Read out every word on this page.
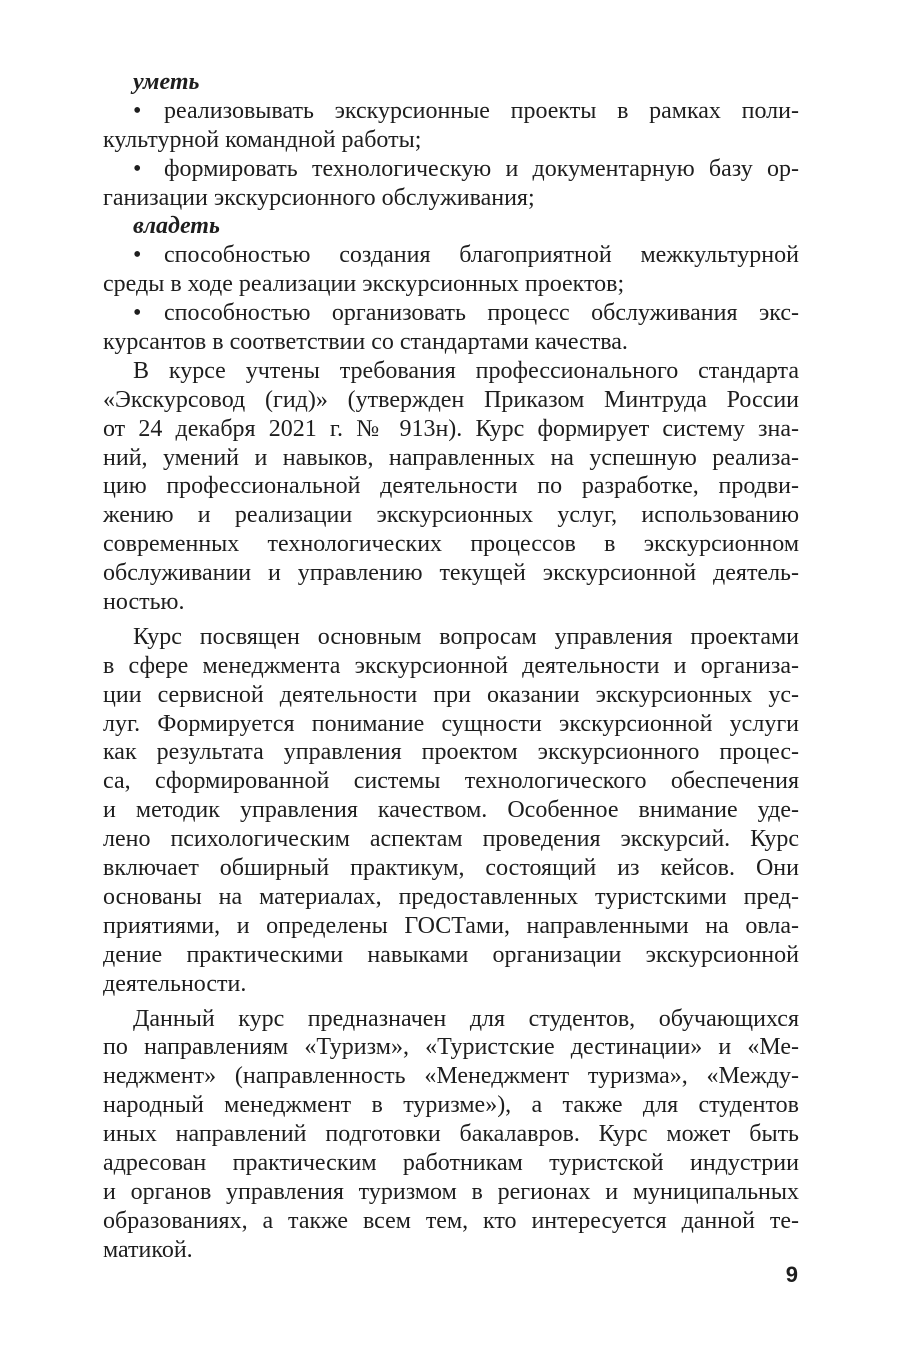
уметь
• реализовывать экскурсионные проекты в рамках поли-
культурной командной работы;
• формировать технологическую и документарную базу ор-
ганизации экскурсионного обслуживания;
владеть
• способностью создания благоприятной межкультурной
среды в ходе реализации экскурсионных проектов;
• способностью организовать процесс обслуживания экс-
курсантов в соответствии со стандартами качества.
В курсе учтены требования профессионального стандарта
«Экскурсовод (гид)» (утвержден Приказом Минтруда России
от 24 декабря 2021 г. № 913н). Курс формирует систему зна-
ний, умений и навыков, направленных на успешную реализа-
цию профессиональной деятельности по разработке, продви-
жению и реализации экскурсионных услуг, использованию
современных технологических процессов в экскурсионном
обслуживании и управлению текущей экскурсионной деятель-
ностью.
Курс посвящен основным вопросам управления проектами
в сфере менеджмента экскурсионной деятельности и организа-
ции сервисной деятельности при оказании экскурсионных ус-
луг. Формируется понимание сущности экскурсионной услуги
как результата управления проектом экскурсионного процес-
са, сформированной системы технологического обеспечения
и методик управления качеством. Особенное внимание уде-
лено психологическим аспектам проведения экскурсий. Курс
включает обширный практикум, состоящий из кейсов. Они
основаны на материалах, предоставленных туристскими пред-
приятиями, и определены ГОСТами, направленными на овла-
дение практическими навыками организации экскурсионной
деятельности.
Данный курс предназначен для студентов, обучающихся
по направлениям «Туризм», «Туристские дестинации» и «Ме-
неджмент» (направленность «Менеджмент туризма», «Между-
народный менеджмент в туризме»), а также для студентов
иных направлений подготовки бакалавров. Курс может быть
адресован практическим работникам туристской индустрии
и органов управления туризмом в регионах и муниципальных
образованиях, а также всем тем, кто интересуется данной те-
матикой.
9
